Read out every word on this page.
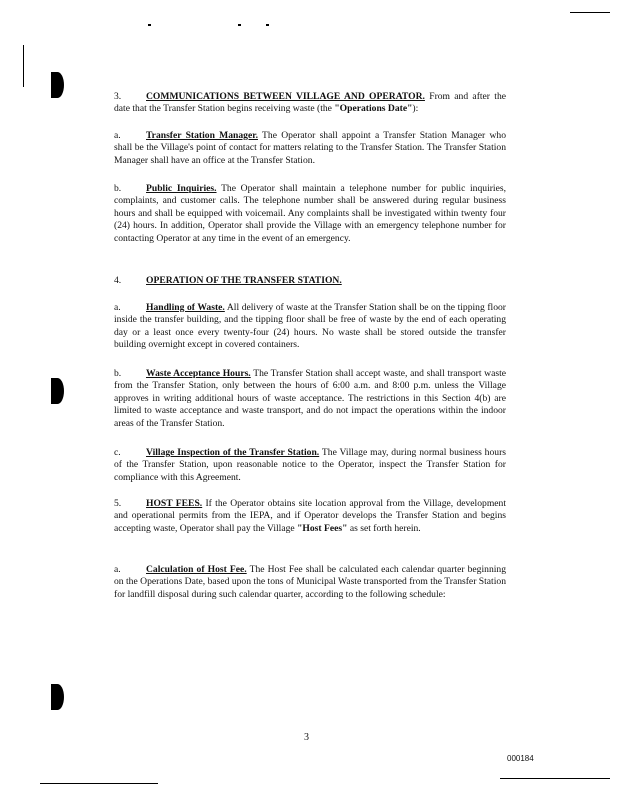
3.	COMMUNICATIONS BETWEEN VILLAGE AND OPERATOR. From and after the date that the Transfer Station begins receiving waste (the "Operations Date"):

a.	Transfer Station Manager. The Operator shall appoint a Transfer Station Manager who shall be the Village's point of contact for matters relating to the Transfer Station. The Transfer Station Manager shall have an office at the Transfer Station.

b.	Public Inquiries. The Operator shall maintain a telephone number for public inquiries, complaints, and customer calls. The telephone number shall be answered during regular business hours and shall be equipped with voicemail. Any complaints shall be investigated within twenty four (24) hours. In addition, Operator shall provide the Village with an emergency telephone number for contacting Operator at any time in the event of an emergency.

4.	OPERATION OF THE TRANSFER STATION.

a.	Handling of Waste. All delivery of waste at the Transfer Station shall be on the tipping floor inside the transfer building, and the tipping floor shall be free of waste by the end of each operating day or a least once every twenty-four (24) hours. No waste shall be stored outside the transfer building overnight except in covered containers.

b.	Waste Acceptance Hours. The Transfer Station shall accept waste, and shall transport waste from the Transfer Station, only between the hours of 6:00 a.m. and 8:00 p.m. unless the Village approves in writing additional hours of waste acceptance. The restrictions in this Section 4(b) are limited to waste acceptance and waste transport, and do not impact the operations within the indoor areas of the Transfer Station.

c.	Village Inspection of the Transfer Station. The Village may, during normal business hours of the Transfer Station, upon reasonable notice to the Operator, inspect the Transfer Station for compliance with this Agreement.

5.	HOST FEES. If the Operator obtains site location approval from the Village, development and operational permits from the IEPA, and if Operator develops the Transfer Station and begins accepting waste, Operator shall pay the Village "Host Fees" as set forth herein.

a.	Calculation of Host Fee. The Host Fee shall be calculated each calendar quarter beginning on the Operations Date, based upon the tons of Municipal Waste transported from the Transfer Station for landfill disposal during such calendar quarter, according to the following schedule:

3
000184
